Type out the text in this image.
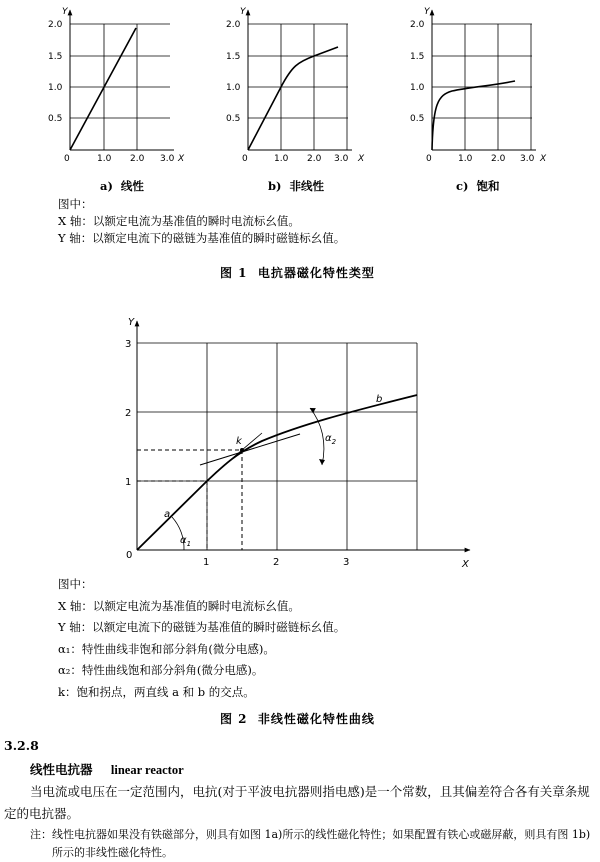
Y
2.0
1.5
1.0
0.5
0	1.0 2.0 3.0 X
Y
2.0
1.5
1.0
0.5
0	1.0 2.0 3.0 X
Y
2.0
1.5
1.0
0.5
0	1.0 2.0 3.0 X
a)  线性	b)  非线性	c)  饱和
图中：
X 轴：以额定电流为基准值的瞬时电流标幺值。
Y 轴：以额定电流下的磁链为基准值的瞬时磁链标幺值。
图 1  电抗器磁化特性类型
Y
X
3
2
1
0
1	2	3
a
b
k
$\alpha_1$
$\alpha_2$
图中：
X 轴：以额定电流为基准值的瞬时电流标幺值。
Y 轴：以额定电流下的磁链为基准值的瞬时磁链标幺值。
α₁：特性曲线非饱和部分斜角(微分电感)。
α₂：特性曲线饱和部分斜角(微分电感)。
k：饱和拐点，两直线 a 和 b 的交点。
图 2  非线性磁化特性曲线
3.2.8
线性电抗器 linear reactor
当电流或电压在一定范围内，电抗(对于平波电抗器则指电感)是一个常数，且其偏差符合各有关章条规定的电抗器。
注：线性电抗器如果没有铁磁部分，则具有如图 1a)所示的线性磁化特性；如果配置有铁心或磁屏蔽，则具有图 1b)
所示的非线性磁化特性。
